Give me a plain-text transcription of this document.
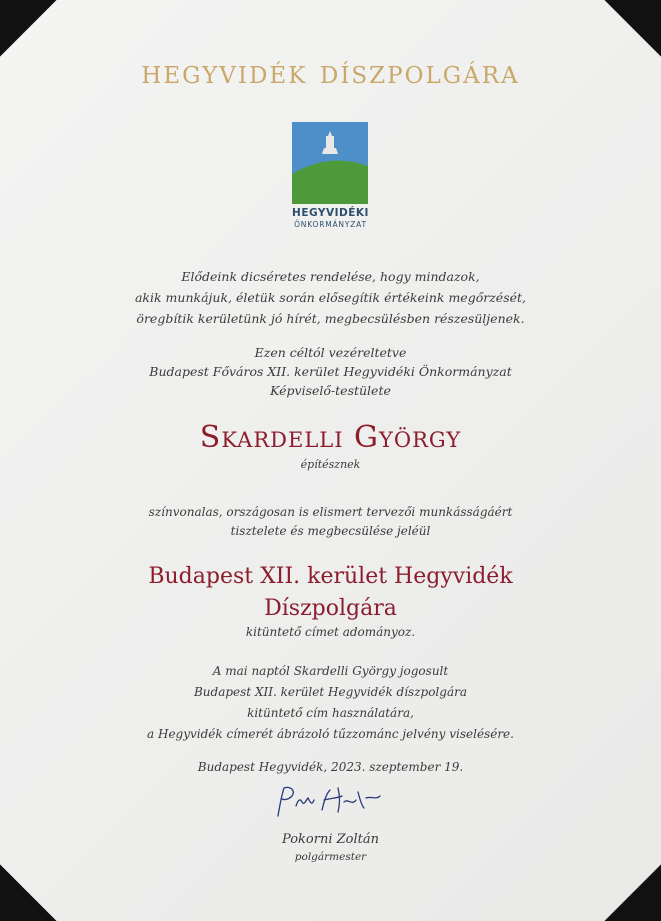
hegyvidék díszpolgára
HEGYVIDÉKI
ÖNKORMÁNYZAT
Elődeink dicséretes rendelése, hogy mindazok,
akik munkájuk, életük során elősegítik értékeink megőrzését,
öregbítik kerületünk jó hírét, megbecsülésben részesüljenek.
Ezen céltól vezéreltetve
Budapest Főváros XII. kerület Hegyvidéki Önkormányzat
Képviselő-testülete
Skardelli György
építésznek
színvonalas, országosan is elismert tervezői munkásságáért
tisztelete és megbecsülése jeléül
Budapest XII. kerület Hegyvidék
Díszpolgára
kitüntető címet adományoz.
A mai naptól Skardelli György jogosult
Budapest XII. kerület Hegyvidék díszpolgára
kitüntető cím használatára,
a Hegyvidék címerét ábrázoló tűzzománc jelvény viselésére.
Budapest Hegyvidék, 2023. szeptember 19.
Pokorni Zoltán
polgármester
